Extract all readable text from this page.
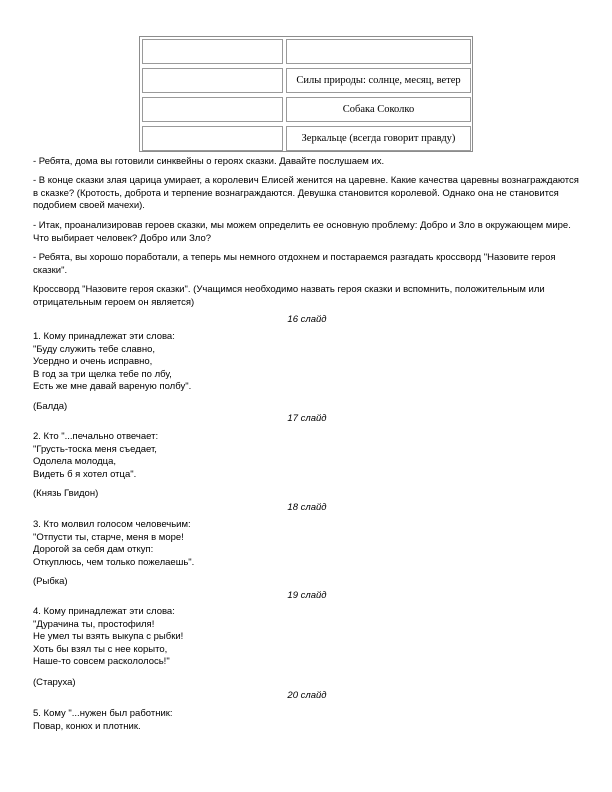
Силы природы: солнце, месяц, ветер
Собака Соколко
Зеркальце (всегда говорит правду)
- Ребята, дома вы готовили синквейны о героях сказки. Давайте послушаем их.
- В конце сказки злая царица умирает, а королевич Елисей женится на царевне. Какие качества царевны вознаграждаются в сказке? (Кротость, доброта и терпение вознаграждаются. Девушка становится королевой. Однако она не становится подобием своей мачехи).
- Итак, проанализировав героев сказки, мы можем определить ее основную проблему: Добро и Зло в окружающем мире. Что выбирает человек? Добро или Зло?
- Ребята, вы хорошо поработали, а теперь мы немного отдохнем и постараемся разгадать кроссворд "Назовите героя сказки".
Кроссворд "Назовите героя сказки". (Учащимся необходимо назвать героя сказки и вспомнить, положительным или отрицательным героем он является)
16 слайд
1. Кому принадлежат эти слова:
"Буду служить тебе славно,
Усердно и очень исправно,
В год за три щелка тебе по лбу,
Есть же мне давай вареную полбу".
(Балда)
17 слайд
2. Кто "...печально отвечает:
"Грусть-тоска меня съедает,
Одолела молодца,
Видеть б я хотел отца".
(Князь Гвидон)
18 слайд
3. Кто молвил голосом человечьим:
"Отпусти ты, старче, меня в море!
Дорогой за себя дам откуп:
Откуплюсь, чем только пожелаешь".
(Рыбка)
19 слайд
4. Кому принадлежат эти слова:
"Дурачина ты, простофиля!
Не умел ты взять выкупа с рыбки!
Хоть бы взял ты с нее корыто,
Наше-то совсем раскололось!"
(Старуха)
20 слайд
5. Кому "...нужен был работник:
Повар, конюх и плотник.
